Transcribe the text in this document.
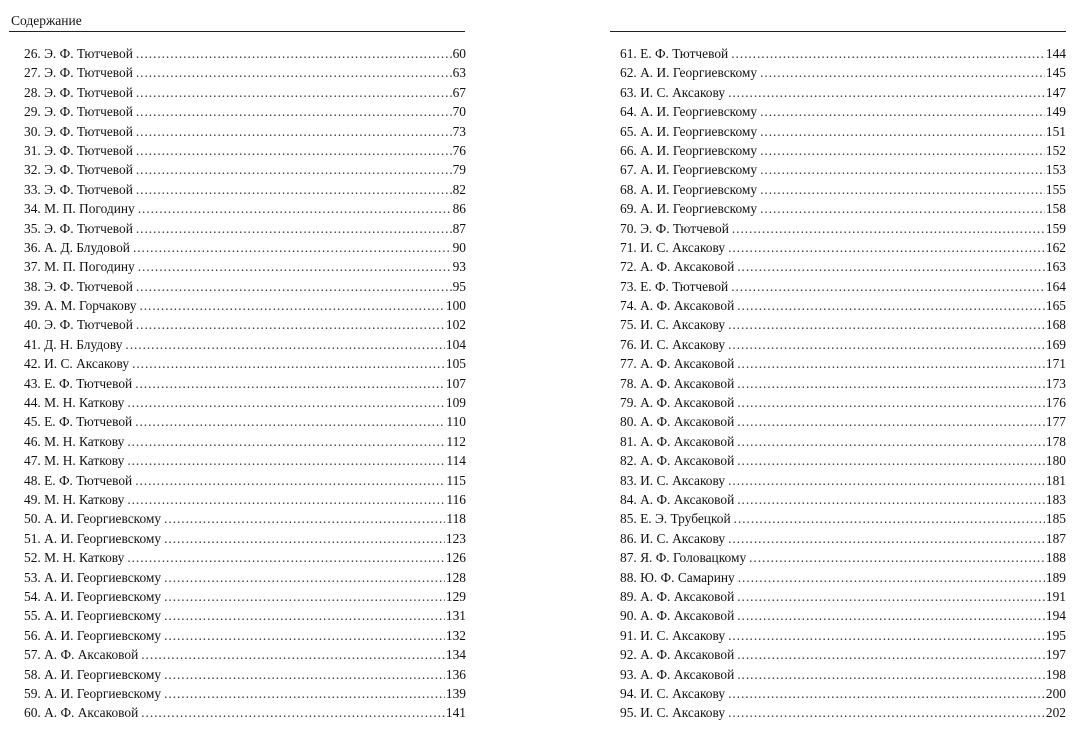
Содержание
26. Э. Ф. Тютчевой . . .	60
27. Э. Ф. Тютчевой . . .	63
28. Э. Ф. Тютчевой . . .	67
29. Э. Ф. Тютчевой . . .	70
30. Э. Ф. Тютчевой . . .	73
31. Э. Ф. Тютчевой . . .	76
32. Э. Ф. Тютчевой . . .	79
33. Э. Ф. Тютчевой . . .	82
34. М. П. Погодину . . .	86
35. Э. Ф. Тютчевой . . .	87
36. А. Д. Блудовой . . .	90
37. М. П. Погодину . . .	93
38. Э. Ф. Тютчевой . . .	95
39. А. М. Горчакову . . .	100
40. Э. Ф. Тютчевой . . .	102
41. Д. Н. Блудову . . .	104
42. И. С. Аксакову . . .	105
43. Е. Ф. Тютчевой . . .	107
44. М. Н. Каткову . . .	109
45. Е. Ф. Тютчевой . . .	110
46. М. Н. Каткову . . .	112
47. М. Н. Каткову . . .	114
48. Е. Ф. Тютчевой . . .	115
49. М. Н. Каткову . . .	116
50. А. И. Георгиевскому . . .	118
51. А. И. Георгиевскому . . .	123
52. М. Н. Каткову . . .	126
53. А. И. Георгиевскому . . .	128
54. А. И. Георгиевскому . . .	129
55. А. И. Георгиевскому . . .	131
56. А. И. Георгиевскому . . .	132
57. А. Ф. Аксаковой . . .	134
58. А. И. Георгиевскому . . .	136
59. А. И. Георгиевскому . . .	139
60. А. Ф. Аксаковой . . .	141
61. Е. Ф. Тютчевой . . .	144
62. А. И. Георгиевскому . . .	145
63. И. С. Аксакову . . .	147
64. А. И. Георгиевскому . . .	149
65. А. И. Георгиевскому . . .	151
66. А. И. Георгиевскому . . .	152
67. А. И. Георгиевскому . . .	153
68. А. И. Георгиевскому . . .	155
69. А. И. Георгиевскому . . .	158
70. Э. Ф. Тютчевой . . .	159
71. И. С. Аксакову . . .	162
72. А. Ф. Аксаковой . . .	163
73. Е. Ф. Тютчевой . . .	164
74. А. Ф. Аксаковой . . .	165
75. И. С. Аксакову . . .	168
76. И. С. Аксакову . . .	169
77. А. Ф. Аксаковой . . .	171
78. А. Ф. Аксаковой . . .	173
79. А. Ф. Аксаковой . . .	176
80. А. Ф. Аксаковой . . .	177
81. А. Ф. Аксаковой . . .	178
82. А. Ф. Аксаковой . . .	180
83. И. С. Аксакову . . .	181
84. А. Ф. Аксаковой . . .	183
85. Е. Э. Трубецкой . . .	185
86. И. С. Аксакову . . .	187
87. Я. Ф. Головацкому . . .	188
88. Ю. Ф. Самарину . . .	189
89. А. Ф. Аксаковой . . .	191
90. А. Ф. Аксаковой . . .	194
91. И. С. Аксакову . . .	195
92. А. Ф. Аксаковой . . .	197
93. А. Ф. Аксаковой . . .	198
94. И. С. Аксакову . . .	200
95. И. С. Аксакову . . .	202
